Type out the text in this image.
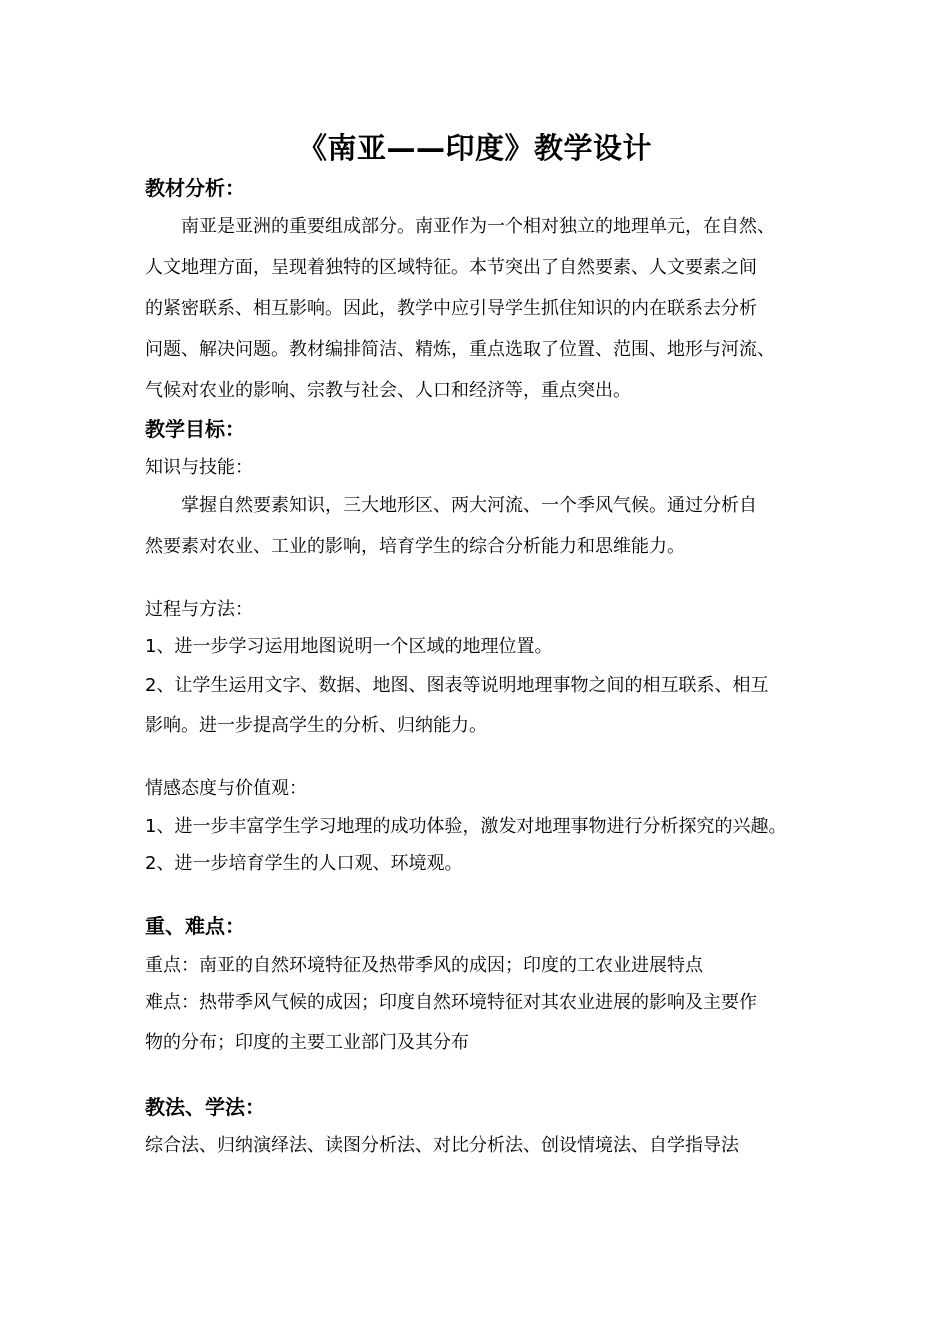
《南亚——印度》教学设计
教材分析：
南亚是亚洲的重要组成部分。南亚作为一个相对独立的地理单元，在自然、
人文地理方面，呈现着独特的区域特征。本节突出了自然要素、人文要素之间
的紧密联系、相互影响。因此，教学中应引导学生抓住知识的内在联系去分析
问题、解决问题。教材编排简洁、精炼，重点选取了位置、范围、地形与河流、
气候对农业的影响、宗教与社会、人口和经济等，重点突出。
教学目标：
知识与技能：
掌握自然要素知识，三大地形区、两大河流、一个季风气候。通过分析自
然要素对农业、工业的影响，培育学生的综合分析能力和思维能力。
过程与方法：
1、进一步学习运用地图说明一个区域的地理位置。
2、让学生运用文字、数据、地图、图表等说明地理事物之间的相互联系、相互
影响。进一步提高学生的分析、归纳能力。
情感态度与价值观：
1、进一步丰富学生学习地理的成功体验，激发对地理事物进行分析探究的兴趣。
2、进一步培育学生的人口观、环境观。
重、难点：
重点：南亚的自然环境特征及热带季风的成因；印度的工农业进展特点
难点：热带季风气候的成因；印度自然环境特征对其农业进展的影响及主要作
物的分布；印度的主要工业部门及其分布
教法、学法：
综合法、归纳演绎法、读图分析法、对比分析法、创设情境法、自学指导法
